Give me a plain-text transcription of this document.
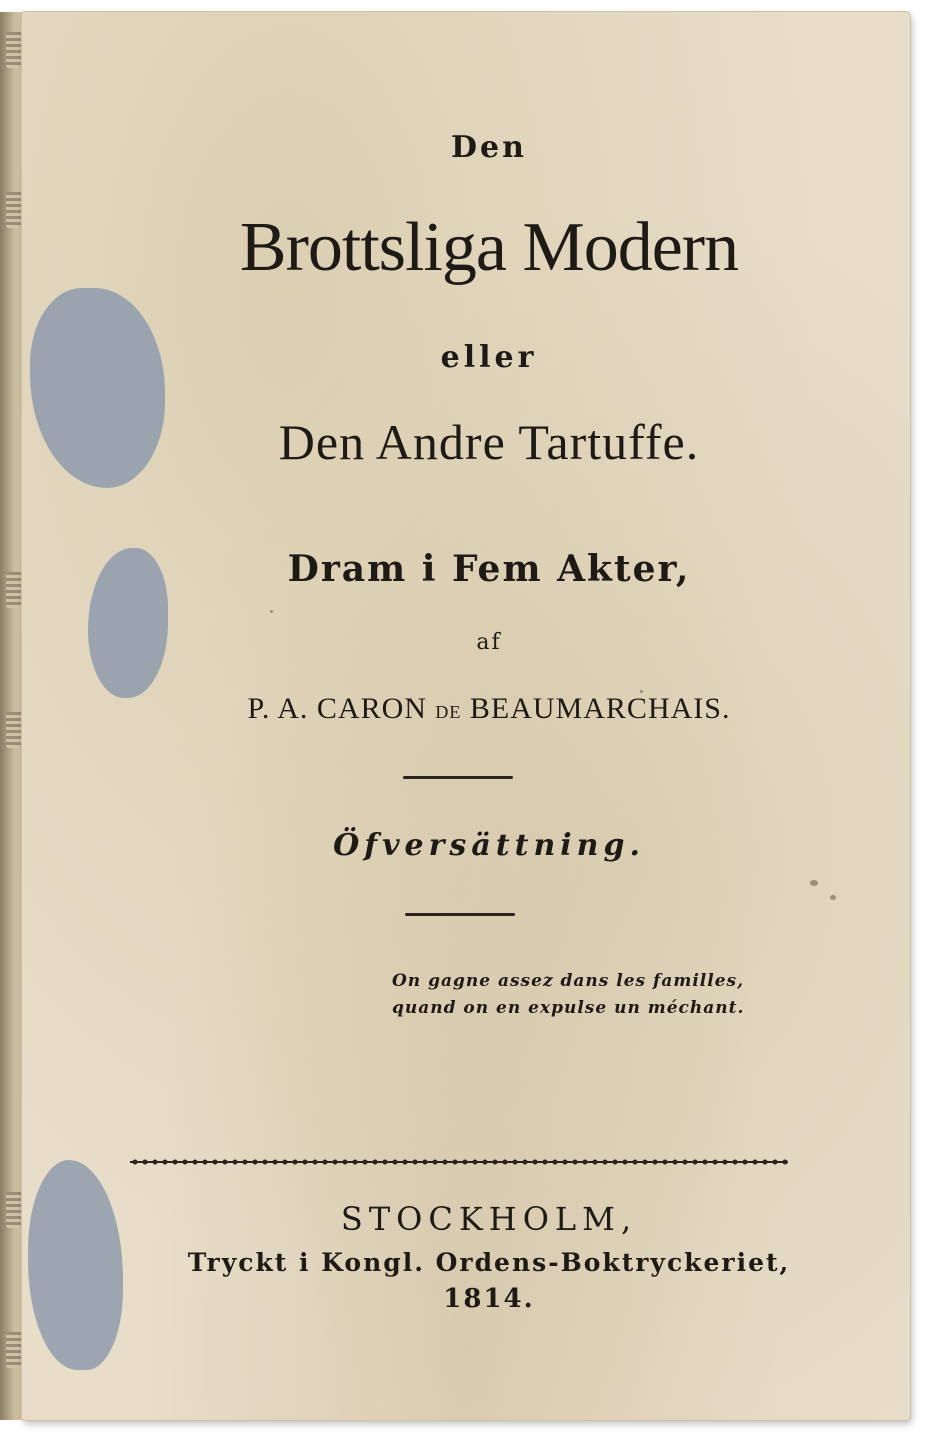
Den
Brottsliga Modern
eller
Den Andre Tartuffe.
Dram i Fem Akter,
af
P. A. CARON DE BEAUMARCHAIS.
Öfversättning.
On gagne assez dans les familles,
quand on en expulse un méchant.
STOCKHOLM,
Tryckt i Kongl. Ordens-Boktryckeriet,
1814.
